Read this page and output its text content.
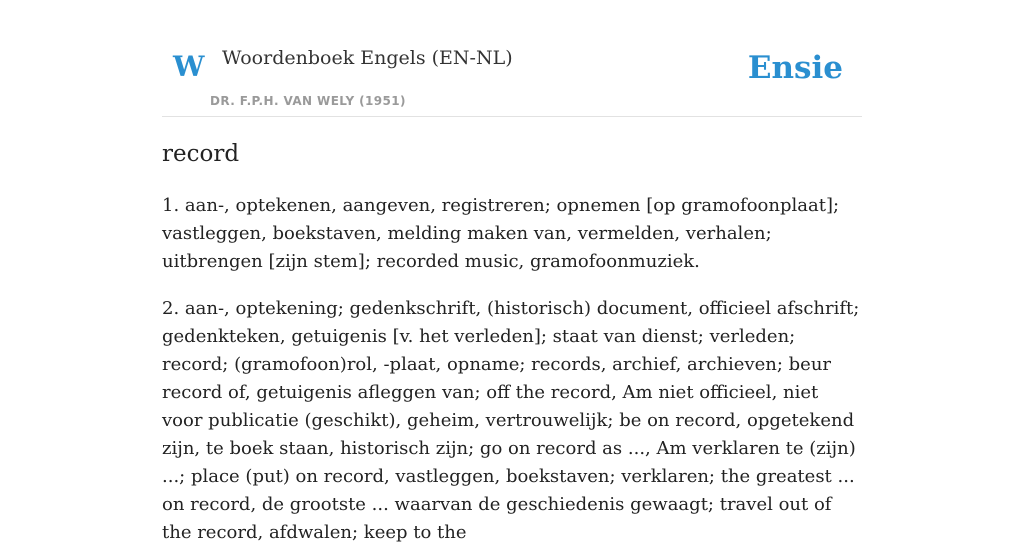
W Woordenboek Engels (EN-NL)
DR. F.P.H. VAN WELY (1951)
Ensie
record

1. aan-, optekenen, aangeven, registreren; opnemen [op gramofoonplaat]; vastleggen, boekstaven, melding maken van, vermelden, verhalen; uitbrengen [zijn stem]; recorded music, gramofoonmuziek.

2. aan-, optekening; gedenkschrift, (historisch) document, officieel afschrift; gedenkteken, getuigenis [v. het verleden]; staat van dienst; verleden; record; (gramofoon)rol, -plaat, opname; records, archief, archieven; beur record of, getuigenis afleggen van; off the record, Am niet officieel, niet voor publicatie (geschikt), geheim, vertrouwelijk; be on record, opgetekend zijn, te boek staan, historisch zijn; go on record as ..., Am verklaren te (zijn) ...; place (put) on record, vastleggen, boekstaven; verklaren; the greatest ... on record, de grootste ... waarvan de geschiedenis gewaagt; travel out of the record, afdwalen; keep to the
